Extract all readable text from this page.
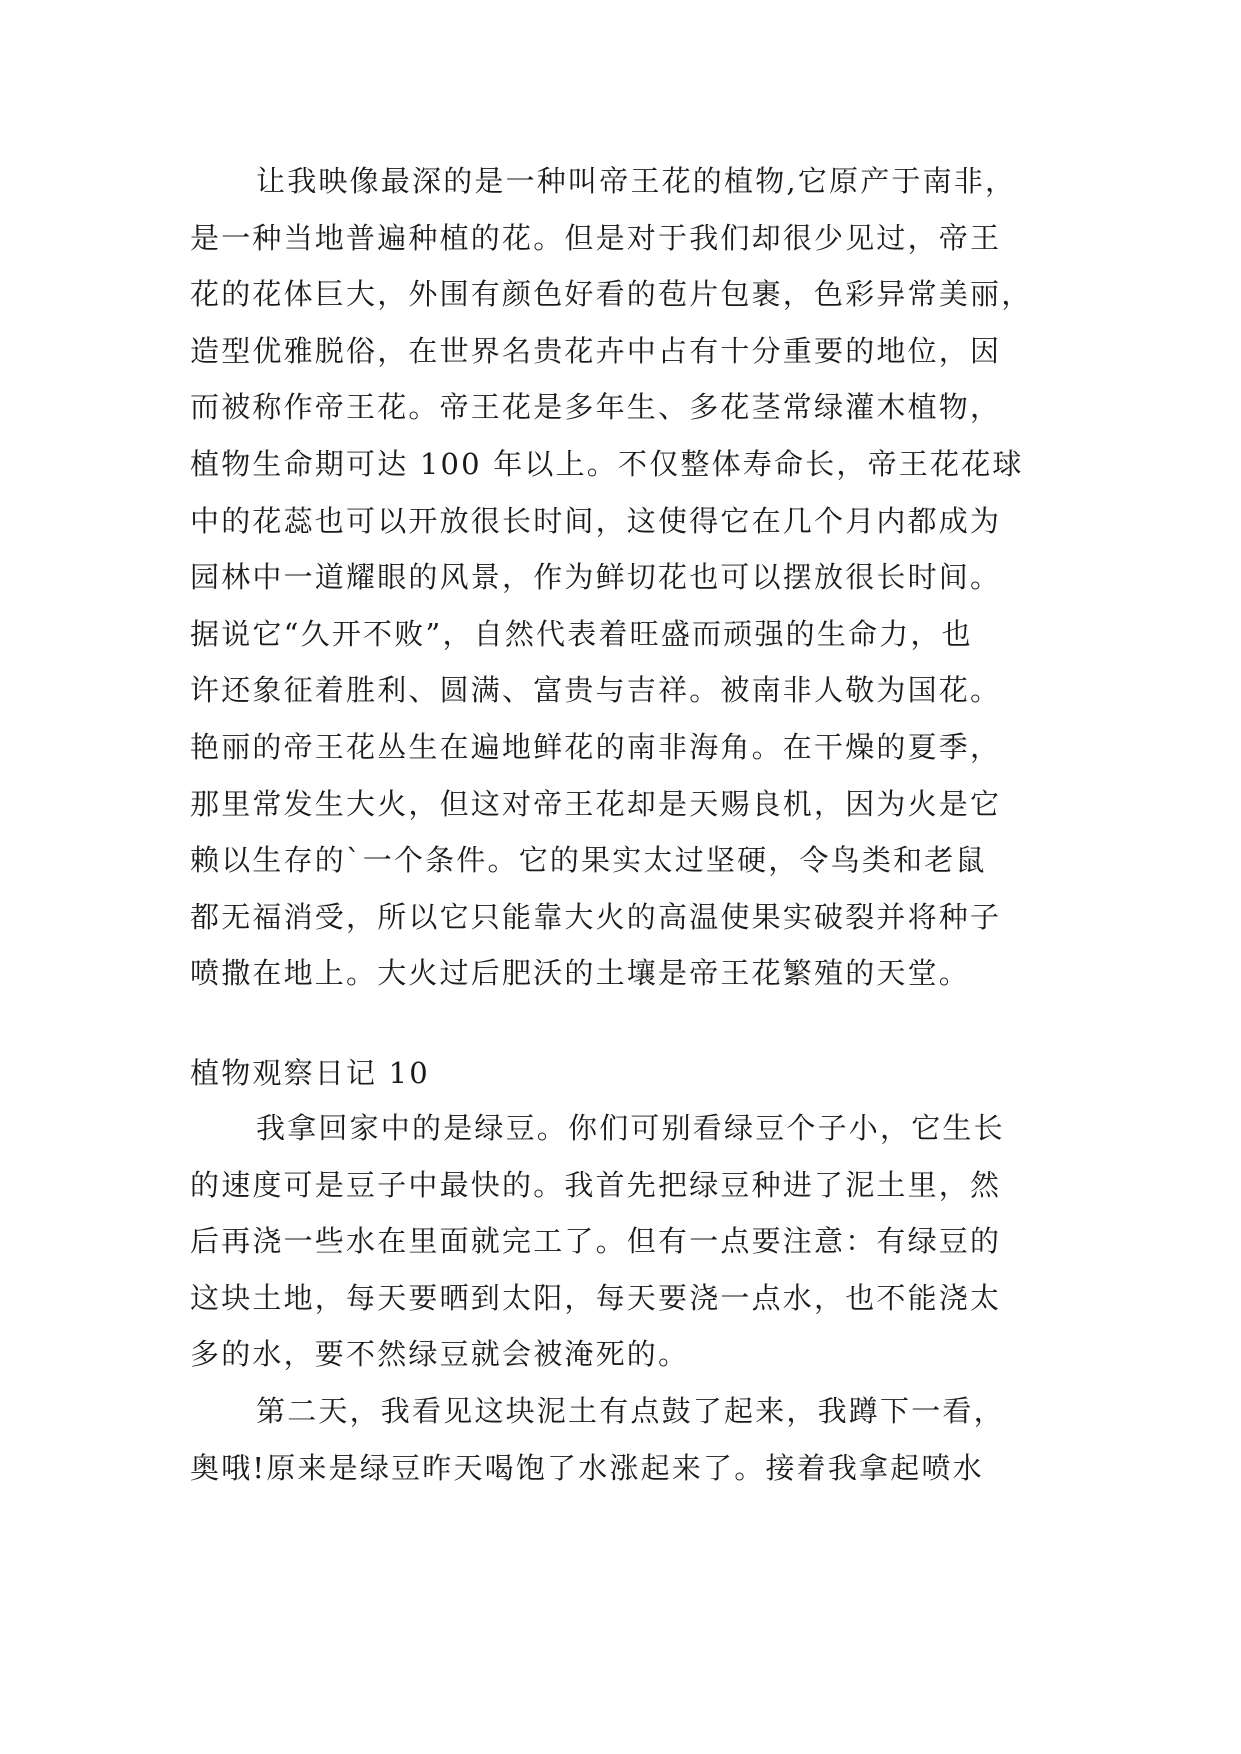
让我映像最深的是一种叫帝王花的植物,它原产于南非，
是一种当地普遍种植的花。但是对于我们却很少见过，帝王
花的花体巨大，外围有颜色好看的苞片包裹，色彩异常美丽，
造型优雅脱俗，在世界名贵花卉中占有十分重要的地位，因
而被称作帝王花。帝王花是多年生、多花茎常绿灌木植物，
植物生命期可达 100 年以上。不仅整体寿命长，帝王花花球
中的花蕊也可以开放很长时间，这使得它在几个月内都成为
园林中一道耀眼的风景，作为鲜切花也可以摆放很长时间。
据说它“久开不败”，自然代表着旺盛而顽强的生命力，也
许还象征着胜利、圆满、富贵与吉祥。被南非人敬为国花。
艳丽的帝王花丛生在遍地鲜花的南非海角。在干燥的夏季，
那里常发生大火，但这对帝王花却是天赐良机，因为火是它
赖以生存的`一个条件。它的果实太过坚硬，令鸟类和老鼠
都无福消受，所以它只能靠大火的高温使果实破裂并将种子
喷撒在地上。大火过后肥沃的土壤是帝王花繁殖的天堂。
植物观察日记 10
我拿回家中的是绿豆。你们可别看绿豆个子小，它生长
的速度可是豆子中最快的。我首先把绿豆种进了泥土里，然
后再浇一些水在里面就完工了。但有一点要注意：有绿豆的
这块土地，每天要晒到太阳，每天要浇一点水，也不能浇太
多的水，要不然绿豆就会被淹死的。
第二天，我看见这块泥土有点鼓了起来，我蹲下一看，
奥哦!原来是绿豆昨天喝饱了水涨起来了。接着我拿起喷水
